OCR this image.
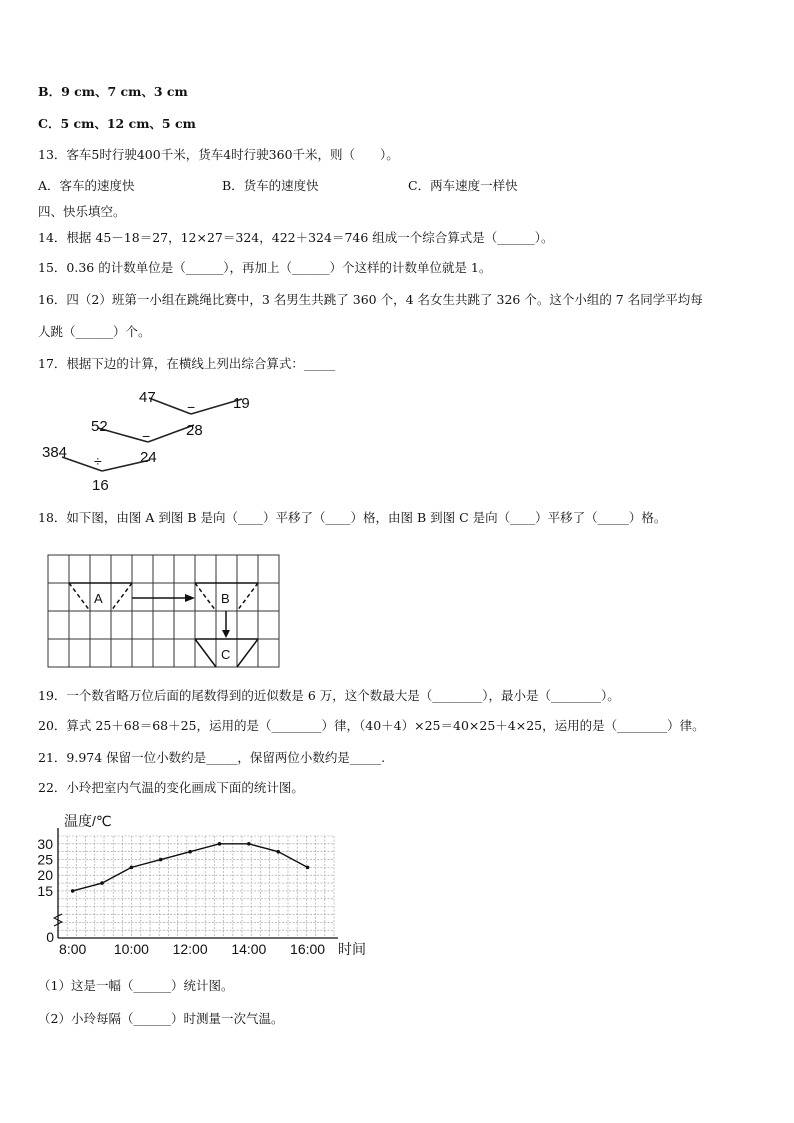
B．9 cm、7 cm、3 cm
C．5 cm、12 cm、5 cm
13．客车5时行驶400千米，货车4时行驶360千米，则（　　）。
A．客车的速度快	B．货车的速度快	C．两车速度一样快
四、快乐填空。
14．根据 45－18＝27，12×27＝324，422＋324＝746 组成一个综合算式是（______）。
15．0.36 的计数单位是（______），再加上（______）个这样的计数单位就是 1。
16．四（2）班第一小组在跳绳比赛中，3 名男生共跳了 360 个，4 名女生共跳了 326 个。这个小组的 7 名同学平均每
人跳（______）个。
17．根据下边的计算，在横线上列出综合算式：_____
47
−	19
28
52
−
24
384 ÷
16
18．如下图，由图 A 到图 B 是向（____）平移了（____）格，由图 B 到图 C 是向（____）平移了（_____）格。
A	B
C
19．一个数省略万位后面的尾数得到的近似数是 6 万，这个数最大是（________），最小是（________）。
20．算式 25＋68＝68＋25，运用的是（________）律，（40＋4）×25＝40×25＋4×25，运用的是（________）律。
21．9.974 保留一位小数约是_____，保留两位小数约是_____.
22．小玲把室内气温的变化画成下面的统计图。
温度/℃
时间
0
15
20
25
30
8:00 10:00 12:00 14:00 16:00
（1）这是一幅（______）统计图。
（2）小玲每隔（______）时测量一次气温。
